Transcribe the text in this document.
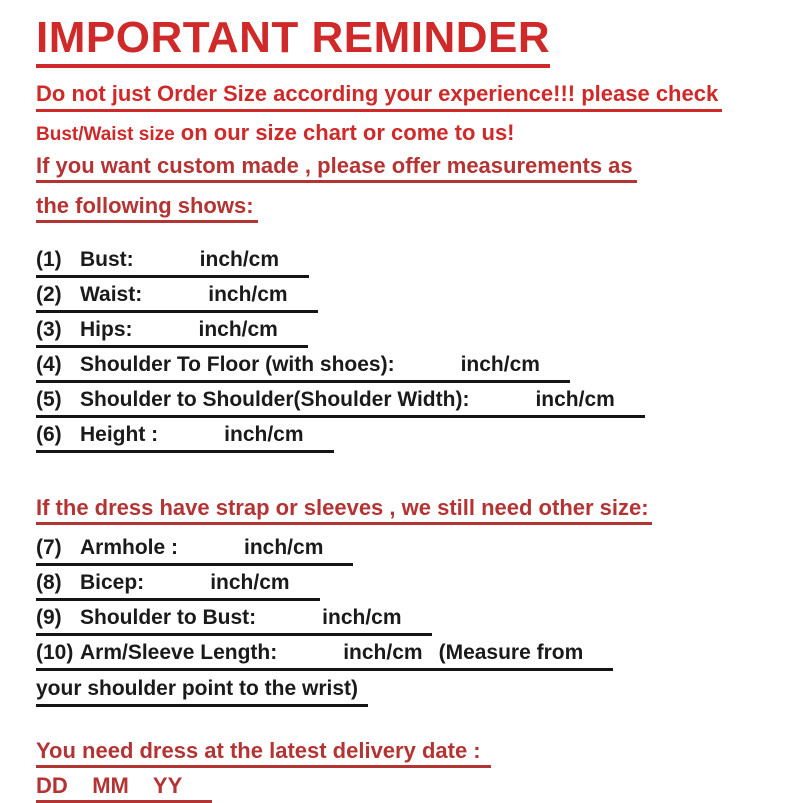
IMPORTANT REMINDER
Do not just Order Size according your experience!!! please check
Bust/Waist size on our size chart or come to us!
If you want custom made , please offer measurements as
the following shows:
(1) Bust:	inch/cm
(2) Waist:	inch/cm
(3) Hips:	inch/cm
(4) Shoulder To Floor (with shoes):	inch/cm
(5) Shoulder to Shoulder(Shoulder Width):	inch/cm
(6) Height :	inch/cm
If the dress have strap or sleeves , we still need other size:
(7) Armhole :	inch/cm
(8) Bicep:	inch/cm
(9) Shoulder to Bust:	inch/cm
(10) Arm/Sleeve Length:	inch/cm (Measure from
your shoulder point to the wrist)
You need dress at the latest delivery date :
DD    MM    YY
